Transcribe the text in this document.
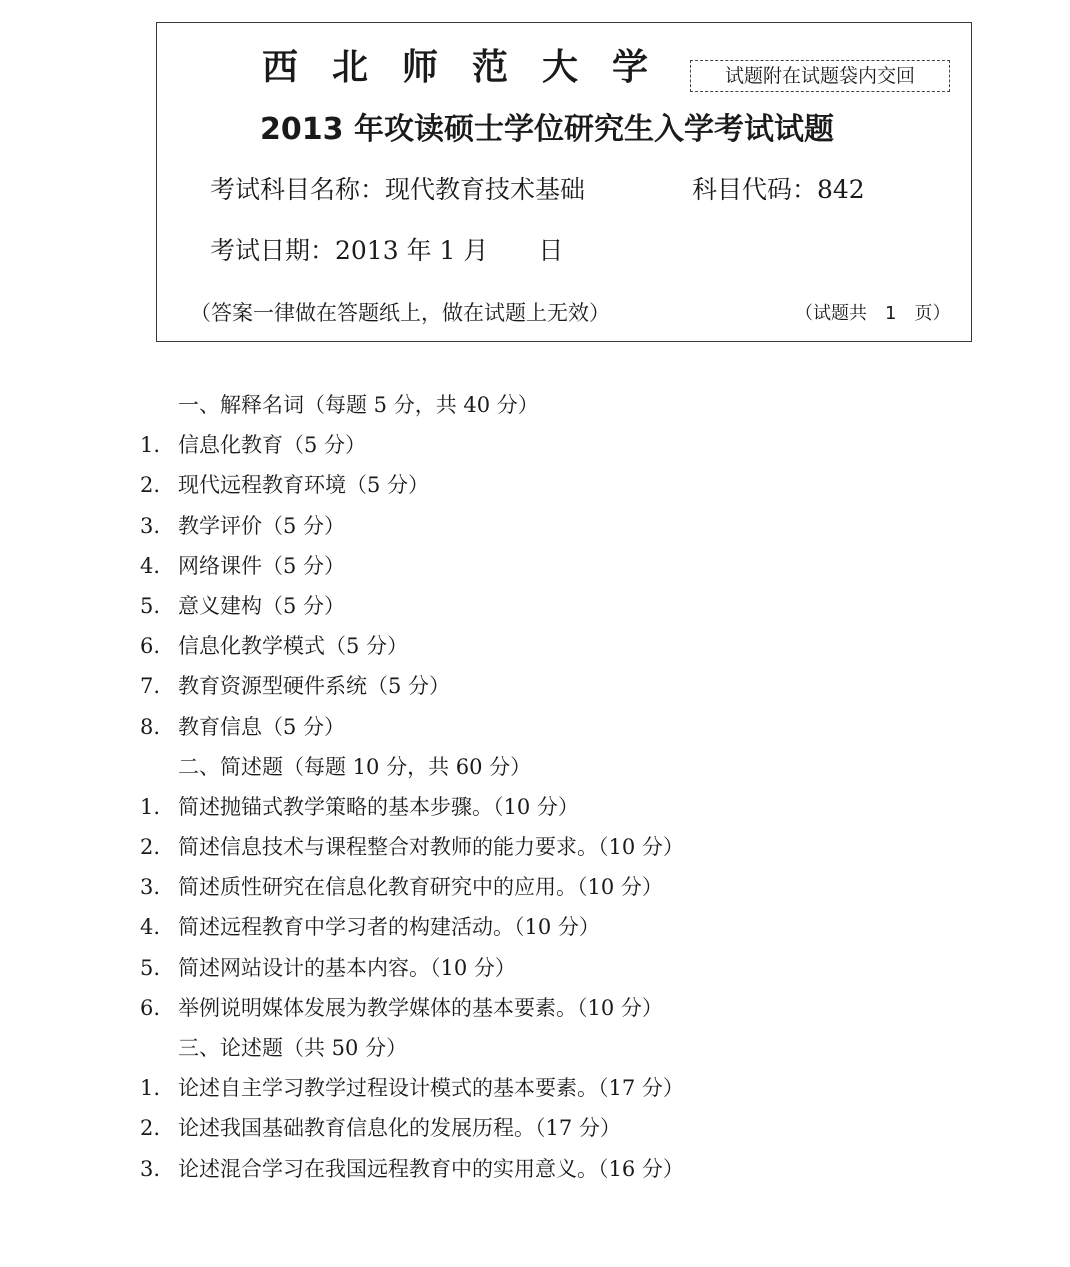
西北师范大学	试题附在试题袋内交回
2013 年攻读硕士学位研究生入学考试试题
考试科目名称：现代教育技术基础	科目代码：842
考试日期：2013 年 1 月　　日
（答案一律做在答题纸上，做在试题上无效）	（试题共　1　页）
一、解释名词（每题 5 分，共 40 分）
1. 信息化教育（5 分）
2. 现代远程教育环境（5 分）
3. 教学评价（5 分）
4. 网络课件（5 分）
5. 意义建构（5 分）
6. 信息化教学模式（5 分）
7. 教育资源型硬件系统（5 分）
8. 教育信息（5 分）
二、简述题（每题 10 分，共 60 分）
1. 简述抛锚式教学策略的基本步骤。（10 分）
2. 简述信息技术与课程整合对教师的能力要求。（10 分）
3. 简述质性研究在信息化教育研究中的应用。（10 分）
4. 简述远程教育中学习者的构建活动。（10 分）
5. 简述网站设计的基本内容。（10 分）
6. 举例说明媒体发展为教学媒体的基本要素。（10 分）
三、论述题（共 50 分）
1. 论述自主学习教学过程设计模式的基本要素。（17 分）
2. 论述我国基础教育信息化的发展历程。（17 分）
3. 论述混合学习在我国远程教育中的实用意义。（16 分）
